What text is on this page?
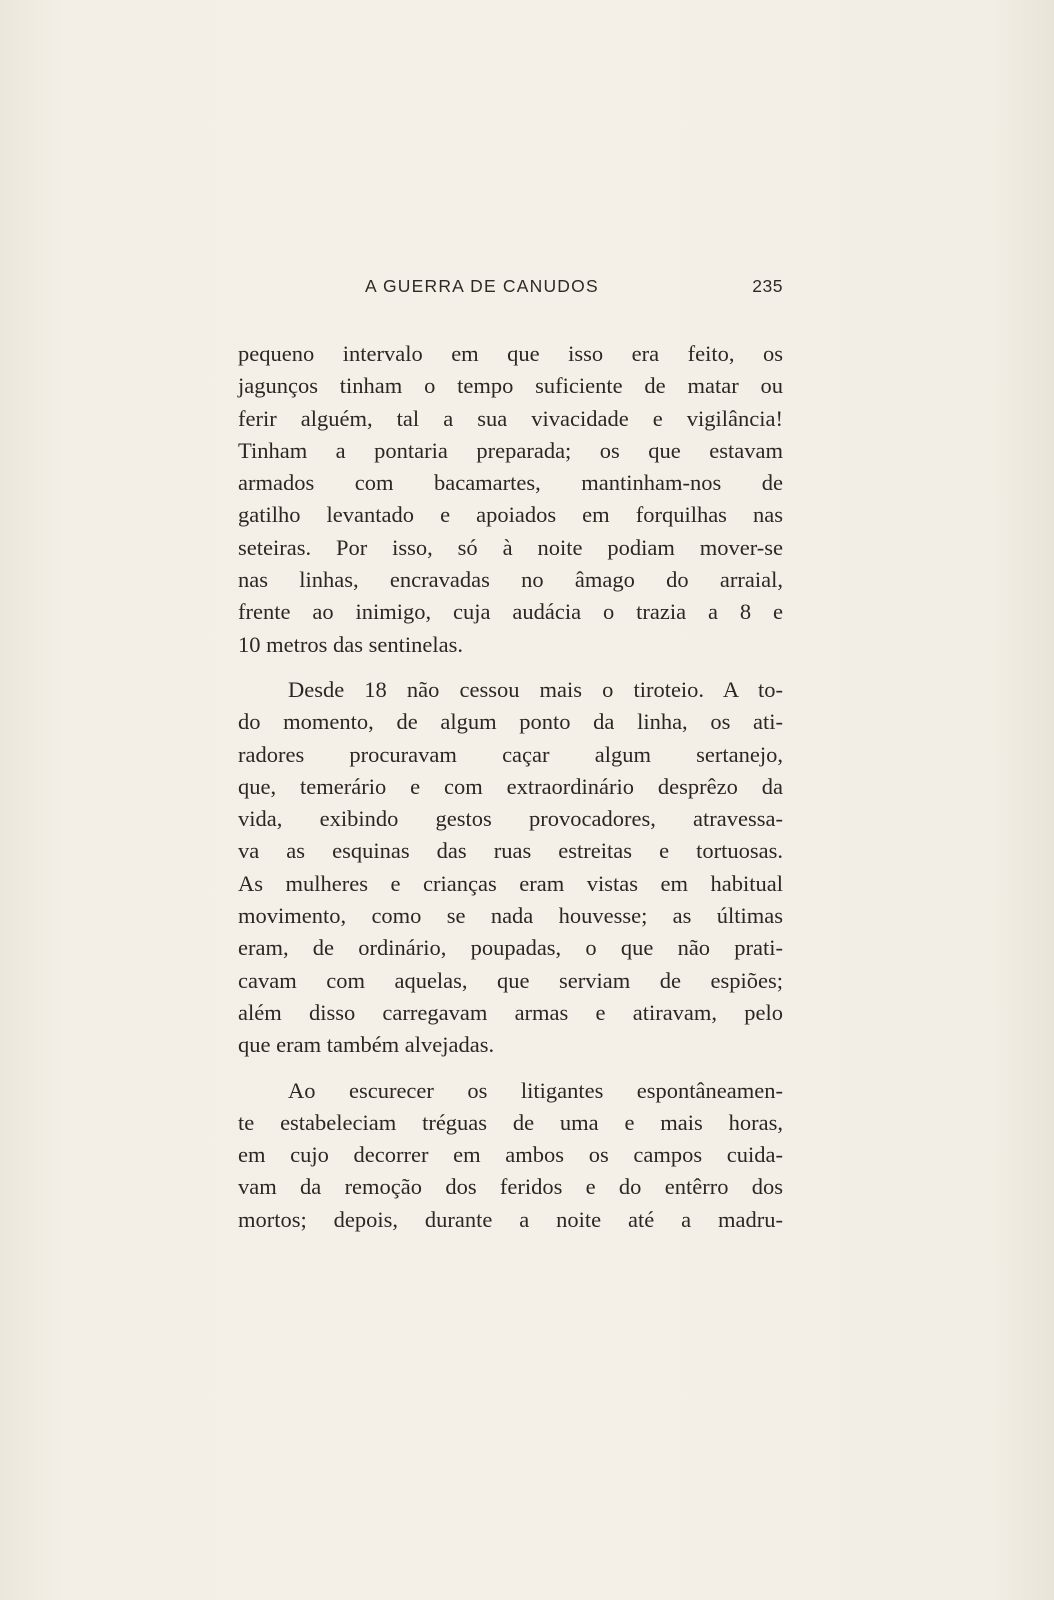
A GUERRA DE CANUDOS	235
pequeno intervalo em que isso era feito, os
jagunços tinham o tempo suficiente de matar ou
ferir alguém, tal a sua vivacidade e vigilância!
Tinham a pontaria preparada; os que estavam
armados com bacamartes, mantinham-nos de
gatilho levantado e apoiados em forquilhas nas
seteiras. Por isso, só à noite podiam mover-se
nas linhas, encravadas no âmago do arraial,
frente ao inimigo, cuja audácia o trazia a 8 e
10 metros das sentinelas.
Desde 18 não cessou mais o tiroteio. A to-
do momento, de algum ponto da linha, os ati-
radores procuravam caçar algum sertanejo,
que, temerário e com extraordinário desprêzo da
vida, exibindo gestos provocadores, atravessa-
va as esquinas das ruas estreitas e tortuosas.
As mulheres e crianças eram vistas em habitual
movimento, como se nada houvesse; as últimas
eram, de ordinário, poupadas, o que não prati-
cavam com aquelas, que serviam de espiões;
além disso carregavam armas e atiravam, pelo
que eram também alvejadas.
Ao escurecer os litigantes espontâneamen-
te estabeleciam tréguas de uma e mais horas,
em cujo decorrer em ambos os campos cuida-
vam da remoção dos feridos e do entêrro dos
mortos; depois, durante a noite até a madru-
